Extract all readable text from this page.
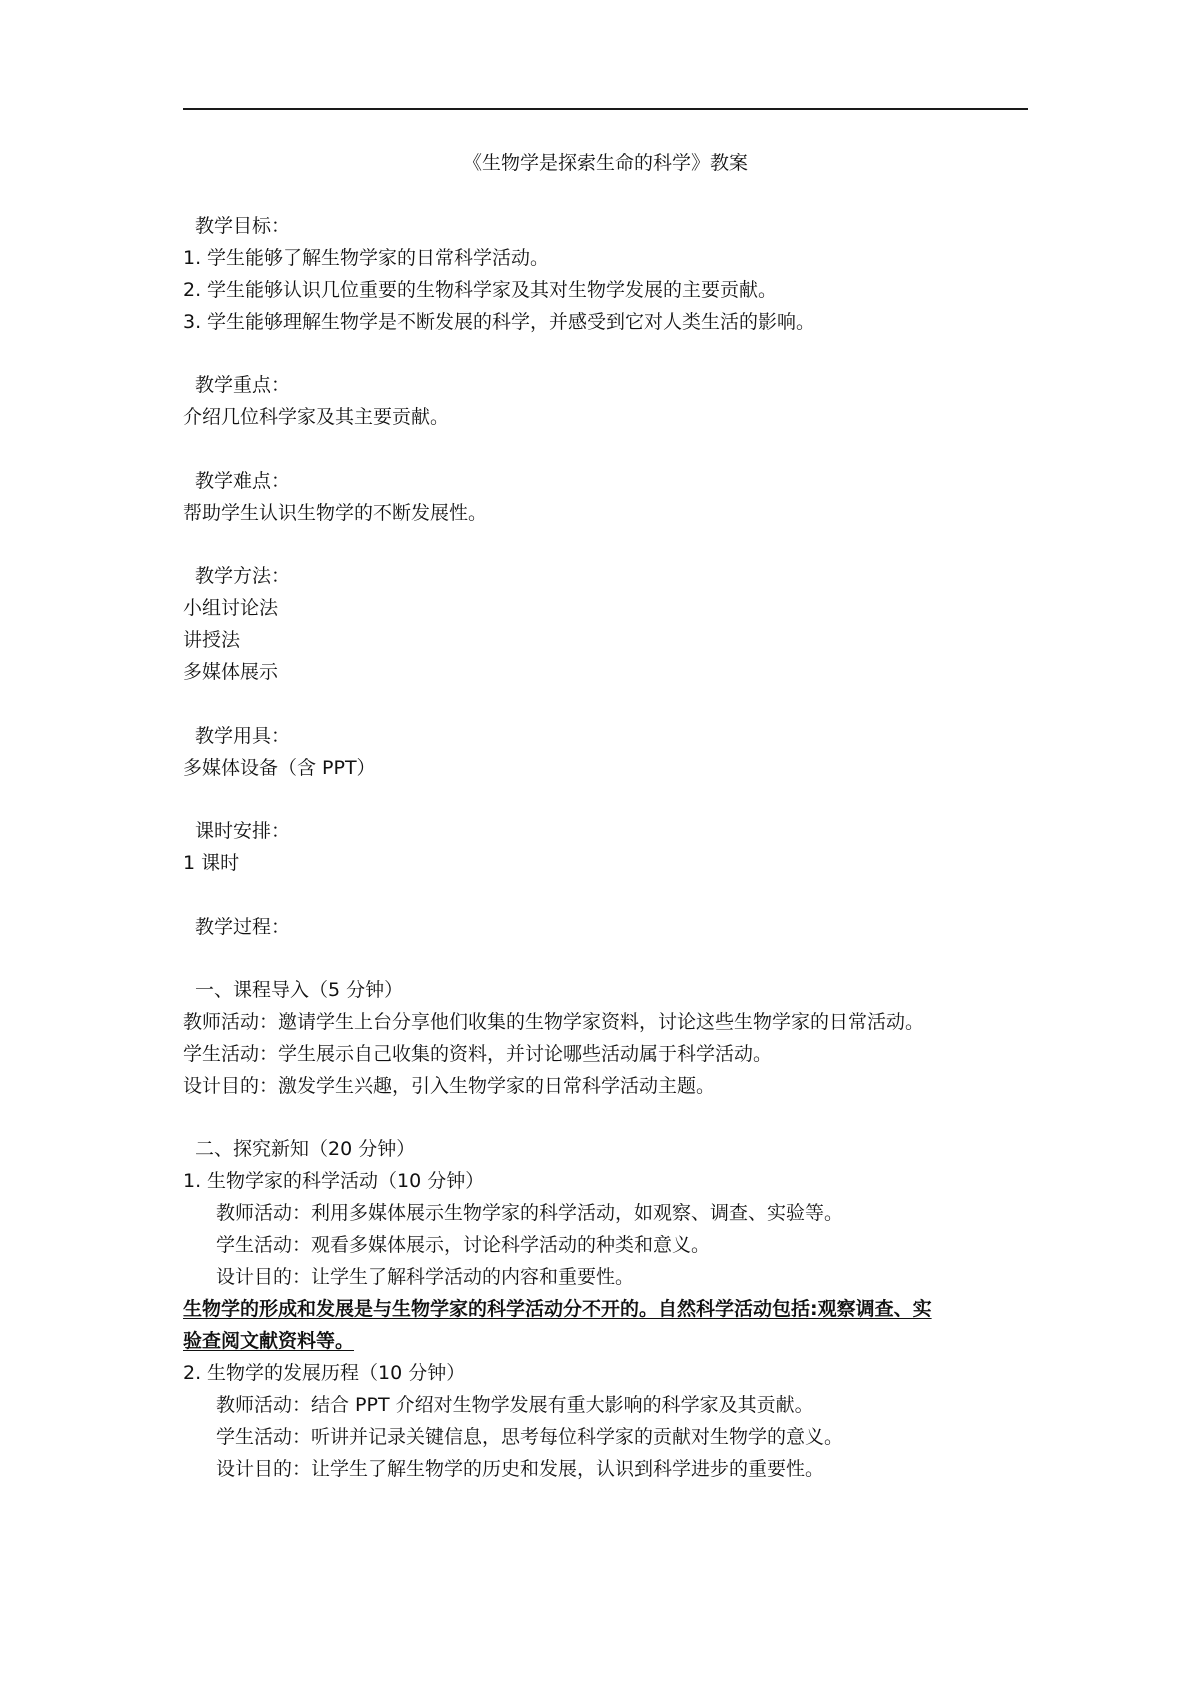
《生物学是探索生命的科学》教案
教学目标：
1. 学生能够了解生物学家的日常科学活动。
2. 学生能够认识几位重要的生物科学家及其对生物学发展的主要贡献。
3. 学生能够理解生物学是不断发展的科学，并感受到它对人类生活的影响。
教学重点：
介绍几位科学家及其主要贡献。
教学难点：
帮助学生认识生物学的不断发展性。
教学方法：
小组讨论法
讲授法
多媒体展示
教学用具：
多媒体设备（含 PPT）
课时安排：
1 课时
教学过程：
一、课程导入（5 分钟）
教师活动：邀请学生上台分享他们收集的生物学家资料，讨论这些生物学家的日常活动。
学生活动：学生展示自己收集的资料，并讨论哪些活动属于科学活动。
设计目的：激发学生兴趣，引入生物学家的日常科学活动主题。
二、探究新知（20 分钟）
1. 生物学家的科学活动（10 分钟）
教师活动：利用多媒体展示生物学家的科学活动，如观察、调查、实验等。
学生活动：观看多媒体展示，讨论科学活动的种类和意义。
设计目的：让学生了解科学活动的内容和重要性。
生物学的形成和发展是与生物学家的科学活动分不开的。自然科学活动包括:观察调查、实
验查阅文献资料等。
2. 生物学的发展历程（10 分钟）
教师活动：结合 PPT 介绍对生物学发展有重大影响的科学家及其贡献。
学生活动：听讲并记录关键信息，思考每位科学家的贡献对生物学的意义。
设计目的：让学生了解生物学的历史和发展，认识到科学进步的重要性。
